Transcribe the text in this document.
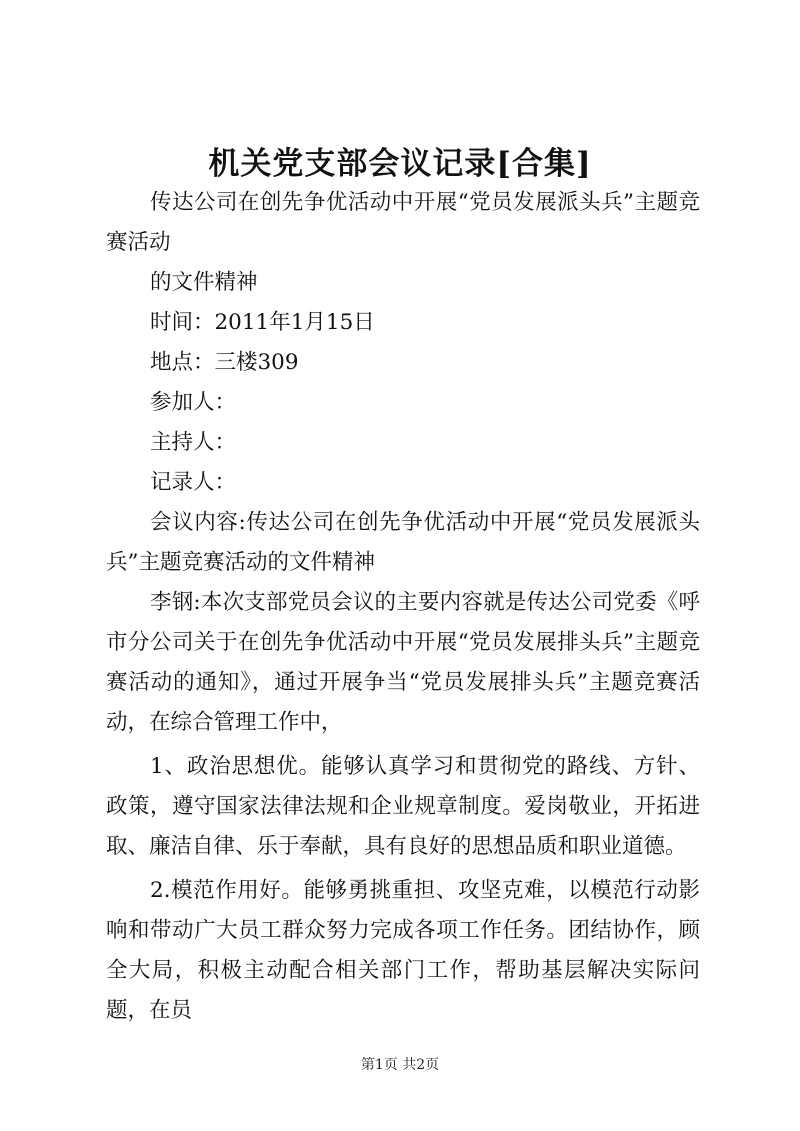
机关党支部会议记录[合集]

传达公司在创先争优活动中开展“党员发展派头兵”主题竞赛活动

的文件精神

时间：2011年1月15日

地点：三楼309

参加人：

主持人：

记录人：

会议内容:传达公司在创先争优活动中开展“党员发展派头兵”主题竞赛活动的文件精神

李钢:本次支部党员会议的主要内容就是传达公司党委《呼市分公司关于在创先争优活动中开展“党员发展排头兵”主题竞赛活动的通知》，通过开展争当“党员发展排头兵”主题竞赛活动，在综合管理工作中，

1、政治思想优。能够认真学习和贯彻党的路线、方针、政策，遵守国家法律法规和企业规章制度。爱岗敬业，开拓进取、廉洁自律、乐于奉献，具有良好的思想品质和职业道德。

2.模范作用好。能够勇挑重担、攻坚克难，以模范行动影响和带动广大员工群众努力完成各项工作任务。团结协作，顾全大局，积极主动配合相关部门工作，帮助基层解决实际问题，在员

第1页 共2页
